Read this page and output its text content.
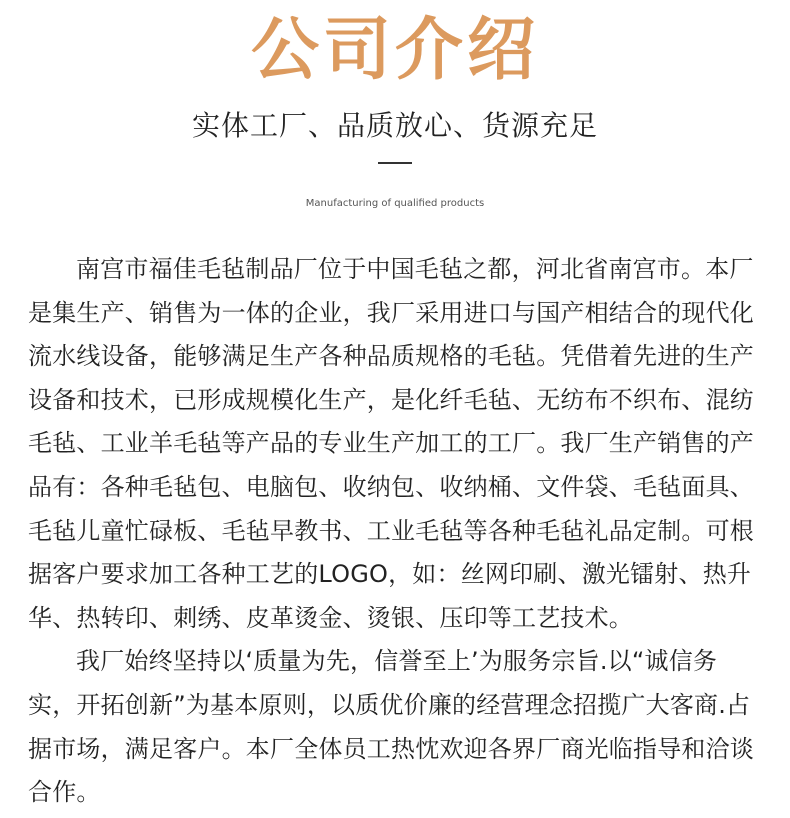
公司介绍
实体工厂、品质放心、货源充足
Manufacturing of qualified products
南宫市福佳毛毡制品厂位于中国毛毡之都，河北省南宫市。本厂
是集生产、销售为一体的企业，我厂采用进口与国产相结合的现代化
流水线设备，能够满足生产各种品质规格的毛毡。凭借着先进的生产
设备和技术，已形成规模化生产，是化纤毛毡、无纺布不织布、混纺
毛毡、工业羊毛毡等产品的专业生产加工的工厂。我厂生产销售的产
品有：各种毛毡包、电脑包、收纳包、收纳桶、文件袋、毛毡面具、
毛毡儿童忙碌板、毛毡早教书、工业毛毡等各种毛毡礼品定制。可根
据客户要求加工各种工艺的LOGO，如：丝网印刷、激光镭射、热升
华、热转印、刺绣、皮革烫金、烫银、压印等工艺技术。
我厂始终坚持以‘质量为先，信誉至上’为服务宗旨.以“诚信务
实，开拓创新”为基本原则，以质优价廉的经营理念招揽广大客商.占
据市场，满足客户。本厂全体员工热忱欢迎各界厂商光临指导和洽谈
合作。
